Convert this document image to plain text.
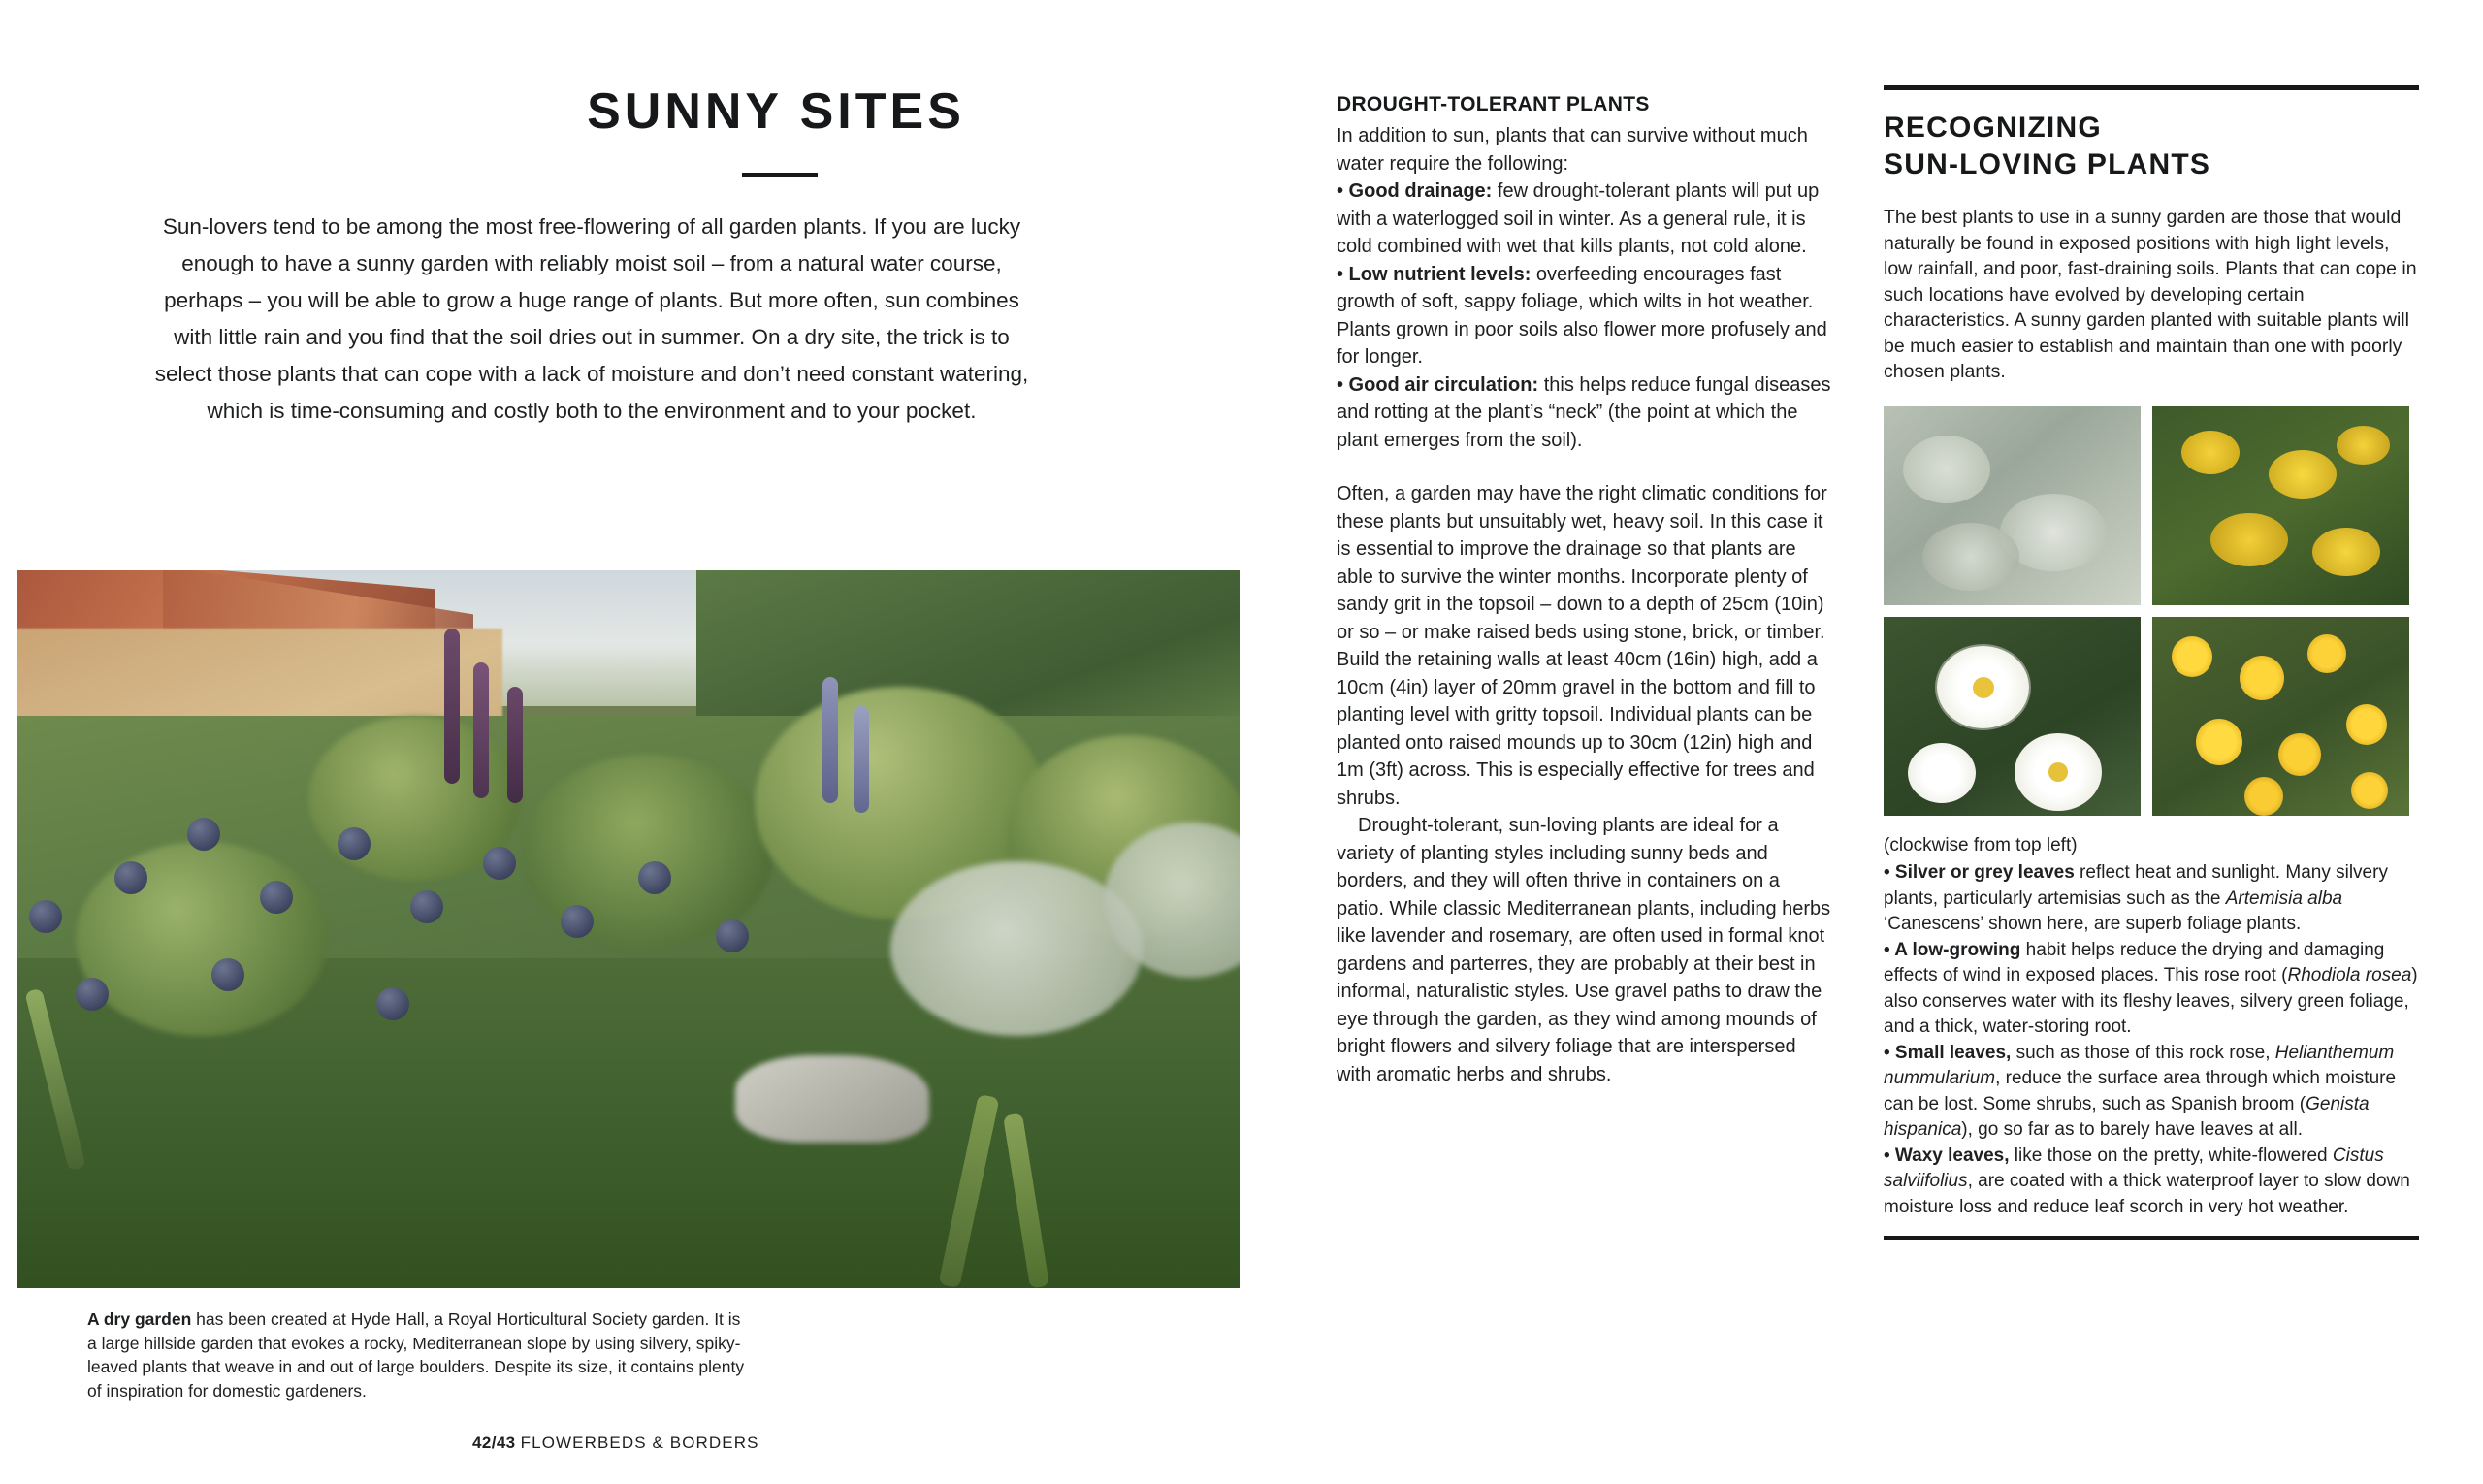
SUNNY SITES
Sun-lovers tend to be among the most free-flowering of all garden plants. If you are lucky enough to have a sunny garden with reliably moist soil – from a natural water course, perhaps – you will be able to grow a huge range of plants. But more often, sun combines with little rain and you find that the soil dries out in summer. On a dry site, the trick is to select those plants that can cope with a lack of moisture and don’t need constant watering, which is time-consuming and costly both to the environment and to your pocket.
A dry garden has been created at Hyde Hall, a Royal Horticultural Society garden. It is a large hillside garden that evokes a rocky, Mediterranean slope by using silvery, spiky-leaved plants that weave in and out of large boulders. Despite its size, it contains plenty of inspiration for domestic gardeners.
42/43 FLOWERBEDS & BORDERS
DROUGHT-TOLERANT PLANTS

In addition to sun, plants that can survive without much water require the following:

• Good drainage: few drought-tolerant plants will put up with a waterlogged soil in winter. As a general rule, it is cold combined with wet that kills plants, not cold alone.

• Low nutrient levels: overfeeding encourages fast growth of soft, sappy foliage, which wilts in hot weather. Plants grown in poor soils also flower more profusely and for longer.

• Good air circulation: this helps reduce fungal diseases and rotting at the plant’s “neck” (the point at which the plant emerges from the soil).

Often, a garden may have the right climatic conditions for these plants but unsuitably wet, heavy soil. In this case it is essential to improve the drainage so that plants are able to survive the winter months. Incorporate plenty of sandy grit in the topsoil – down to a depth of 25cm (10in) or so – or make raised beds using stone, brick, or timber. Build the retaining walls at least 40cm (16in) high, add a 10cm (4in) layer of 20mm gravel in the bottom and fill to planting level with gritty topsoil. Individual plants can be planted onto raised mounds up to 30cm (12in) high and 1m (3ft) across. This is especially effective for trees and shrubs.

Drought-tolerant, sun-loving plants are ideal for a variety of planting styles including sunny beds and borders, and they will often thrive in containers on a patio. While classic Mediterranean plants, including herbs like lavender and rosemary, are often used in formal knot gardens and parterres, they are probably at their best in informal, naturalistic styles. Use gravel paths to draw the eye through the garden, as they wind among mounds of bright flowers and silvery foliage that are interspersed with aromatic herbs and shrubs.

RECOGNIZING
SUN-LOVING PLANTS

The best plants to use in a sunny garden are those that would naturally be found in exposed positions with high light levels, low rainfall, and poor, fast-draining soils. Plants that can cope in such locations have evolved by developing certain characteristics. A sunny garden planted with suitable plants will be much easier to establish and maintain than one with poorly chosen plants.

(clockwise from top left)

• Silver or grey leaves reflect heat and sunlight. Many silvery plants, particularly artemisias such as the Artemisia alba ‘Canescens’ shown here, are superb foliage plants.

• A low-growing habit helps reduce the drying and damaging effects of wind in exposed places. This rose root (Rhodiola rosea) also conserves water with its fleshy leaves, silvery green foliage, and a thick, water-storing root.

• Small leaves, such as those of this rock rose, Helianthemum nummularium, reduce the surface area through which moisture can be lost. Some shrubs, such as Spanish broom (Genista hispanica), go so far as to barely have leaves at all.

• Waxy leaves, like those on the pretty, white-flowered Cistus salviifolius, are coated with a thick waterproof layer to slow down moisture loss and reduce leaf scorch in very hot weather.
